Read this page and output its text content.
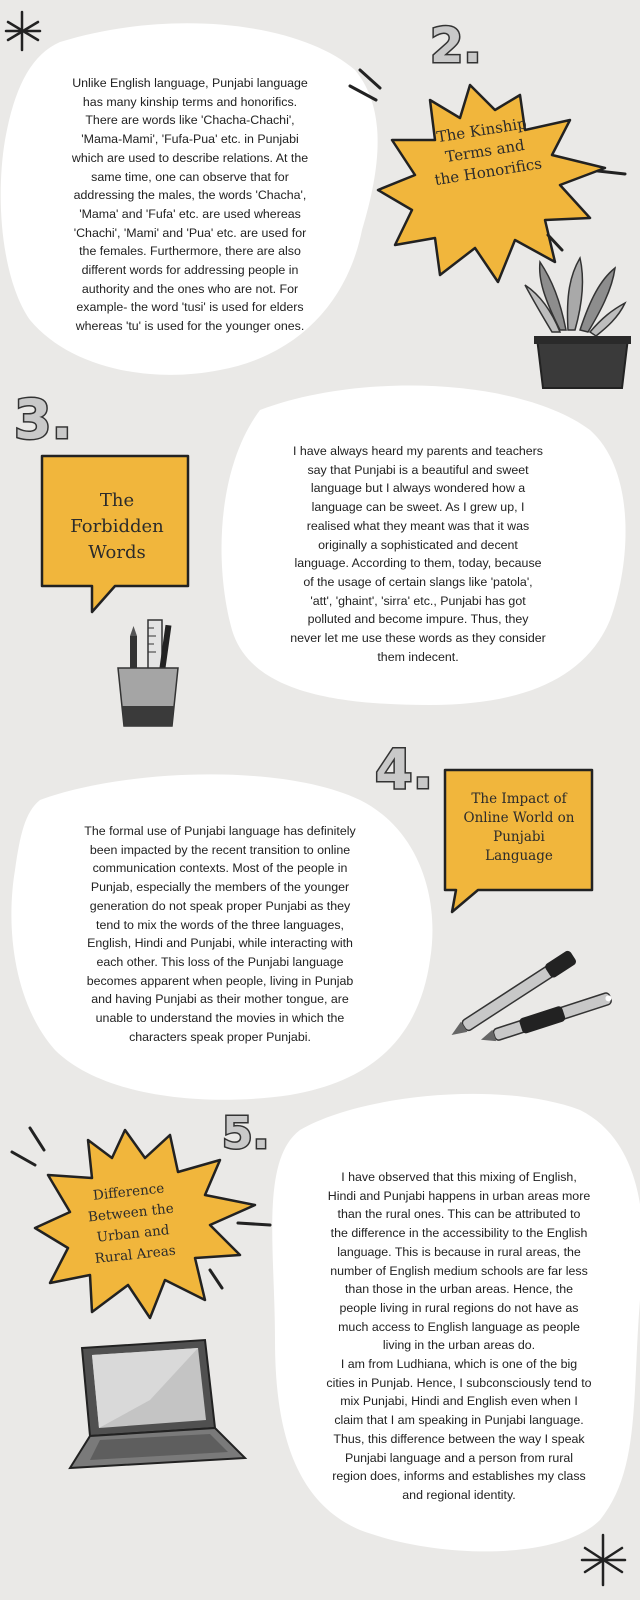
2.
Unlike English language, Punjabi language
has many kinship terms and honorifics.
There are words like 'Chacha-Chachi',
'Mama-Mami', 'Fufa-Pua' etc. in Punjabi
which are used to describe relations. At the
same time, one can observe that for
addressing the males, the words 'Chacha',
'Mama' and 'Fufa' etc. are used whereas
'Chachi', 'Mami' and 'Pua' etc. are used for
the females. Furthermore, there are also
different words for addressing people in
authority and the ones who are not. For
example- the word 'tusi' is used for elders
whereas 'tu' is used for the younger ones.
The Kinship
Terms and
the Honorifics
3.
The
Forbidden
Words
I have always heard my parents and teachers
say that Punjabi is a beautiful and sweet
language but I always wondered how a
language can be sweet. As I grew up, I
realised what they meant was that it was
originally a sophisticated and decent
language. According to them, today, because
of the usage of certain slangs like 'patola',
'att', 'ghaint', 'sirra' etc., Punjabi has got
polluted and become impure. Thus, they
never let me use these words as they consider
them indecent.
4.	The Impact of
Online World on
Punjabi
Language
The formal use of Punjabi language has definitely
been impacted by the recent transition to online
communication contexts. Most of the people in
Punjab, especially the members of the younger
generation do not speak proper Punjabi as they
tend to mix the words of the three languages,
English, Hindi and Punjabi, while interacting with
each other. This loss of the Punjabi language
becomes apparent when people, living in Punjab
and having Punjabi as their mother tongue, are
unable to understand the movies in which the
characters speak proper Punjabi.
5.
Difference
Between the
Urban and
Rural Areas
I have observed that this mixing of English,
Hindi and Punjabi happens in urban areas more
than the rural ones. This can be attributed to
the difference in the accessibility to the English
language. This is because in rural areas, the
number of English medium schools are far less
than those in the urban areas. Hence, the
people living in rural regions do not have as
much access to English language as people
living in the urban areas do.
I am from Ludhiana, which is one of the big
cities in Punjab. Hence, I subconsciously tend to
mix Punjabi, Hindi and English even when I
claim that I am speaking in Punjabi language.
Thus, this difference between the way I speak
Punjabi language and a person from rural
region does, informs and establishes my class
and regional identity.
